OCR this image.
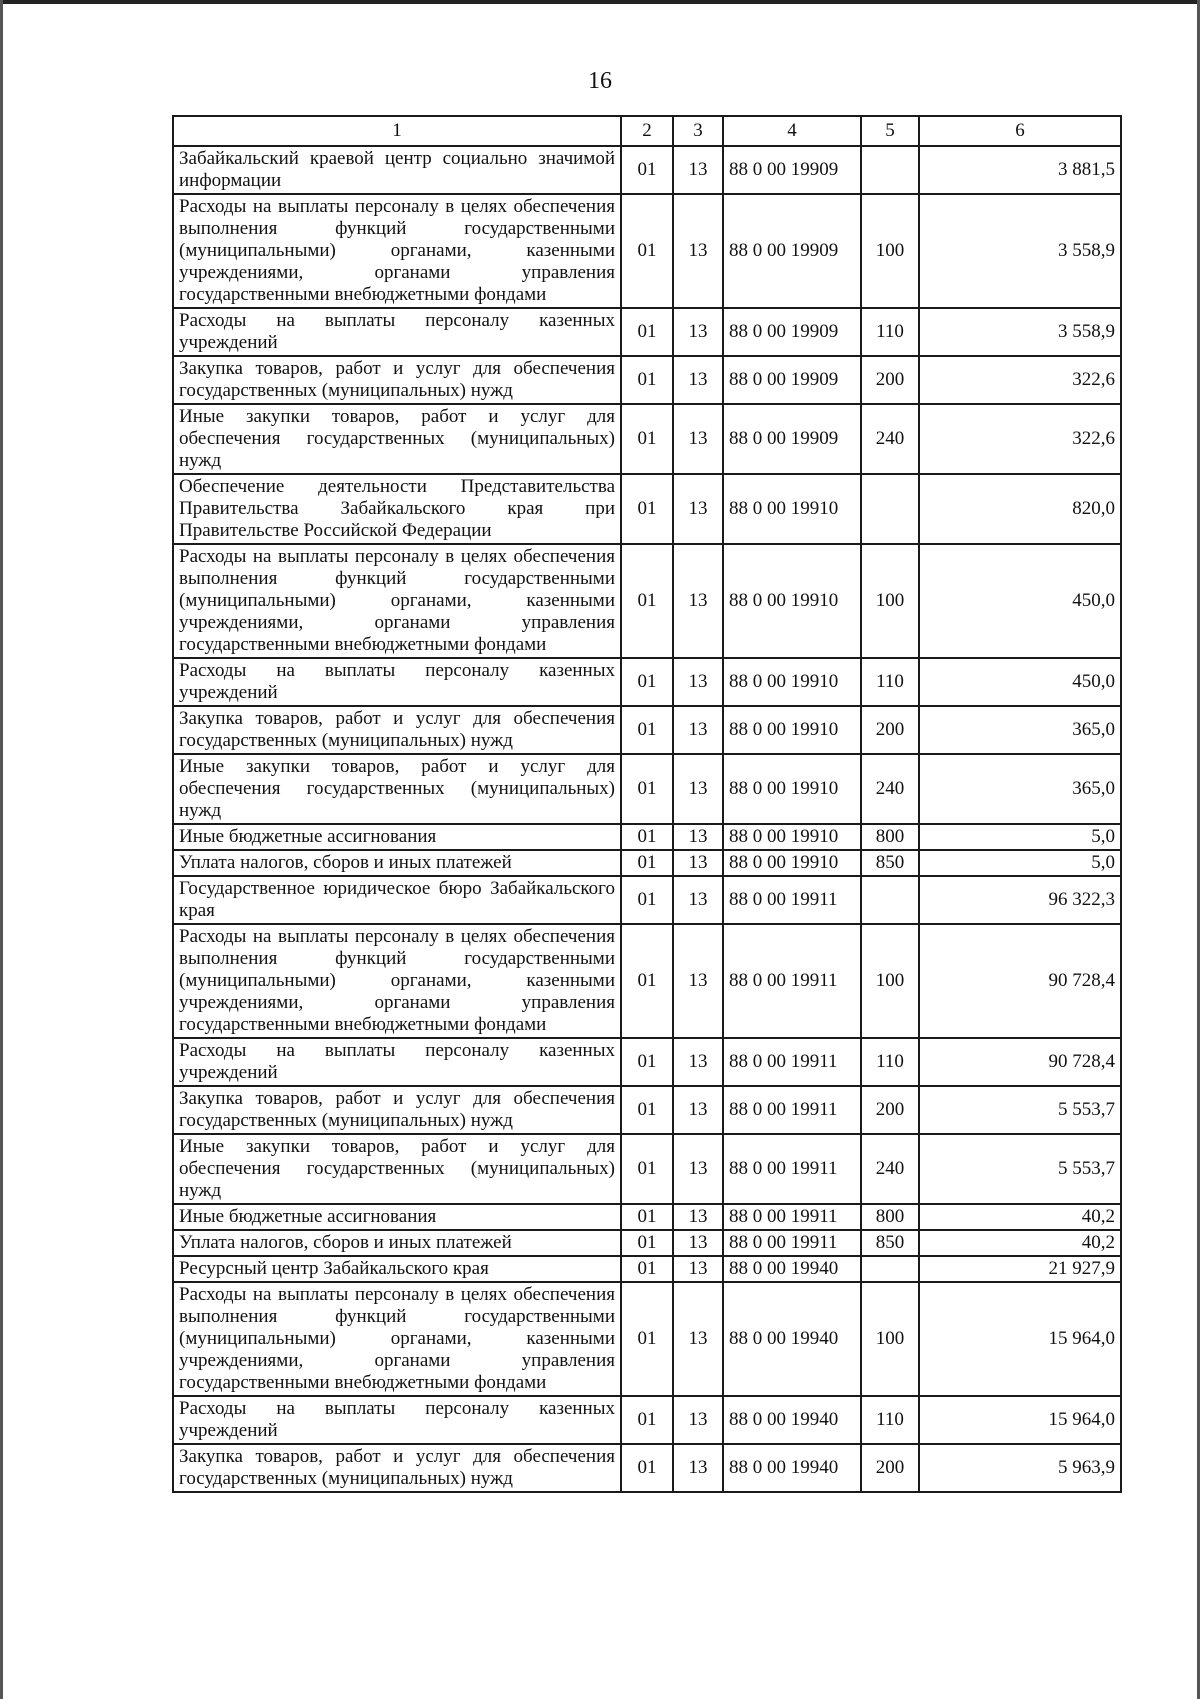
16
1	2	3	4	5	6
Забайкальский краевой центр социально значимой информации	01	13	88 0 00 19909		3 881,5
Расходы на выплаты персоналу в целях обеспечения выполнения функций государственными (муниципальными) органами, казенными учреждениями, органами управления государственными внебюджетными фондами	01	13	88 0 00 19909	100	3 558,9
Расходы на выплаты персоналу казенных учреждений	01	13	88 0 00 19909	110	3 558,9
Закупка товаров, работ и услуг для обеспечения государственных (муниципальных) нужд	01	13	88 0 00 19909	200	322,6
Иные закупки товаров, работ и услуг для обеспечения государственных (муниципальных) нужд	01	13	88 0 00 19909	240	322,6
Обеспечение деятельности Представительства Правительства Забайкальского края при Правительстве Российской Федерации	01	13	88 0 00 19910		820,0
Расходы на выплаты персоналу в целях обеспечения выполнения функций государственными (муниципальными) органами, казенными учреждениями, органами управления государственными внебюджетными фондами	01	13	88 0 00 19910	100	450,0
Расходы на выплаты персоналу казенных учреждений	01	13	88 0 00 19910	110	450,0
Закупка товаров, работ и услуг для обеспечения государственных (муниципальных) нужд	01	13	88 0 00 19910	200	365,0
Иные закупки товаров, работ и услуг для обеспечения государственных (муниципальных) нужд	01	13	88 0 00 19910	240	365,0
Иные бюджетные ассигнования	01	13	88 0 00 19910	800	5,0
Уплата налогов, сборов и иных платежей	01	13	88 0 00 19910	850	5,0
Государственное юридическое бюро Забайкальского края	01	13	88 0 00 19911		96 322,3
Расходы на выплаты персоналу в целях обеспечения выполнения функций государственными (муниципальными) органами, казенными учреждениями, органами управления государственными внебюджетными фондами	01	13	88 0 00 19911	100	90 728,4
Расходы на выплаты персоналу казенных учреждений	01	13	88 0 00 19911	110	90 728,4
Закупка товаров, работ и услуг для обеспечения государственных (муниципальных) нужд	01	13	88 0 00 19911	200	5 553,7
Иные закупки товаров, работ и услуг для обеспечения государственных (муниципальных) нужд	01	13	88 0 00 19911	240	5 553,7
Иные бюджетные ассигнования	01	13	88 0 00 19911	800	40,2
Уплата налогов, сборов и иных платежей	01	13	88 0 00 19911	850	40,2
Ресурсный центр Забайкальского края	01	13	88 0 00 19940		21 927,9
Расходы на выплаты персоналу в целях обеспечения выполнения функций государственными (муниципальными) органами, казенными учреждениями, органами управления государственными внебюджетными фондами	01	13	88 0 00 19940	100	15 964,0
Расходы на выплаты персоналу казенных учреждений	01	13	88 0 00 19940	110	15 964,0
Закупка товаров, работ и услуг для обеспечения государственных (муниципальных) нужд	01	13	88 0 00 19940	200	5 963,9
